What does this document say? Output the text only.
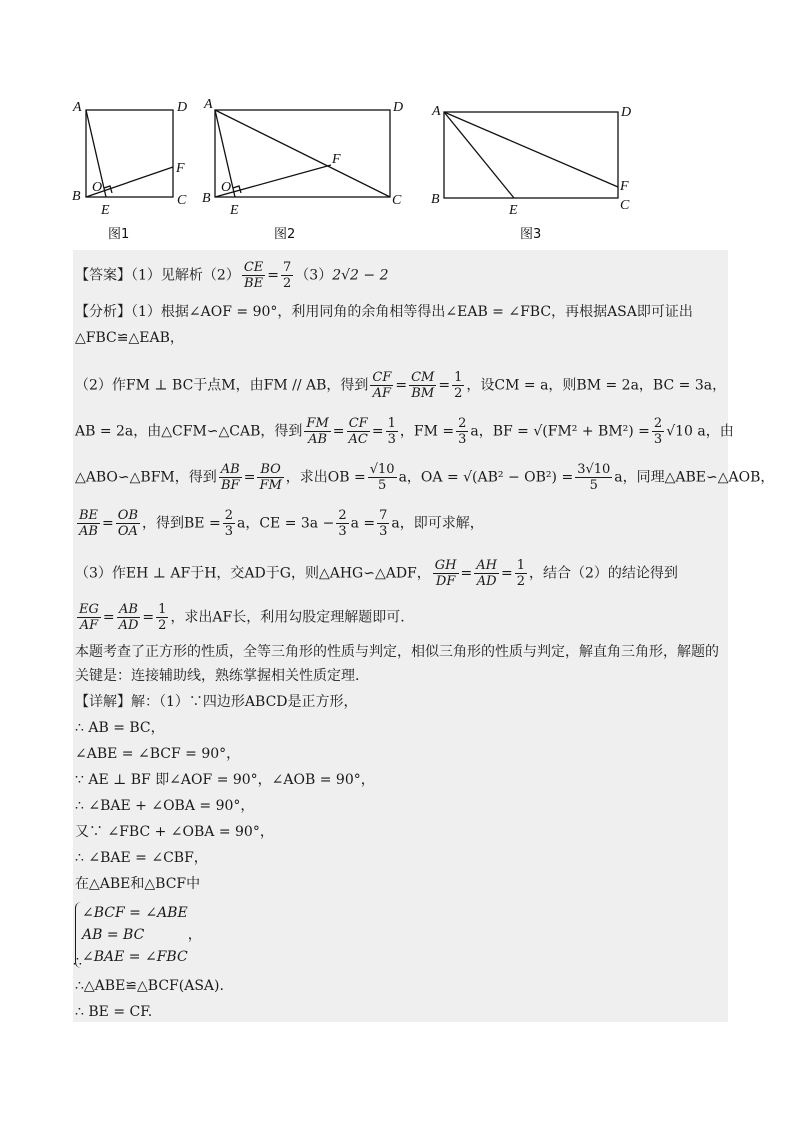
A	D
B	C
E
F
O
图1
A	D
B	C
E
F
O
图2
A	D
B	C
E
F
图3
【答案】（1）见解析$(2) \frac{CE}{BE} = \frac{7}{2} (3)2√2 - 2$
【分析】（1）根据∠AOF = 90°，利用同角的余角相等得出∠EAB = ∠FBC，再根据ASA即可证出
△FBC≌△EAB，
（2）作FM ⊥ BC于点M，由FM // AB，得到 $\frac{CF}{AF} = \frac{CM}{BM} = \frac{1}{2}$ ，设CM = a，则BM = 2a，BC = 3a，
AB = 2a，由△CFM∽△CAB，得到 $\frac{FM}{AB} = \frac{CF}{AC} = \frac{1}{3}$ ，FM = $\frac{2}{3}$ a，BF = $√(FM^2 + BM^2) = \frac{2}{3} √10$ a，由
△ABO∽△BFM，得到 $\frac{AB}{BF} = \frac{BO}{FM}$ ，求出OB = $\frac{√10}{5}$ a，OA = $√(AB^2 - OB^2) = \frac{3√10}{5}$ a，同理△ABE∽△AOB，
$\frac{BE}{AB} = \frac{OB}{OA}$ ，得到BE = $\frac{2}{3}$ a，CE = $3a - \frac{2}{3}$ $a = \frac{7}{3}$ a，即可求解，
（3）作EH ⊥ AF于H，交AD于G，则△AHG∽△ADF， $\frac{GH}{DF} = \frac{AH}{AD} = \frac{1}{2}$ ，结合（2）的结论得到
$\frac{EG}{AF} = \frac{AB}{AD} = \frac{1}{2}$ ，求出AF长，利用勾股定理解题即可.
本题考查了正方形的性质，全等三角形的性质与判定，相似三角形的性质与判定，解直角三角形，解题的
关键是：连接辅助线，熟练掌握相关性质定理.
【详解】解：（1）∵四边形ABCD是正方形，
∴ AB = BC，
∠ABE = ∠BCF = 90°，
∵ AE ⊥ BF 即∠AOF = 90°，∠AOB = 90°，
∴ ∠BAE + ∠OBA = 90°，
又∵ ∠FBC + ∠OBA = 90°，
∴ ∠BAE = ∠CBF，
在△ABE和△BCF中
∠BCF = ∠ABE
AB = BC
∠BAE = ∠FBC
，
∴
∴△ABE≌△BCF(ASA).
∴ BE = CF.
